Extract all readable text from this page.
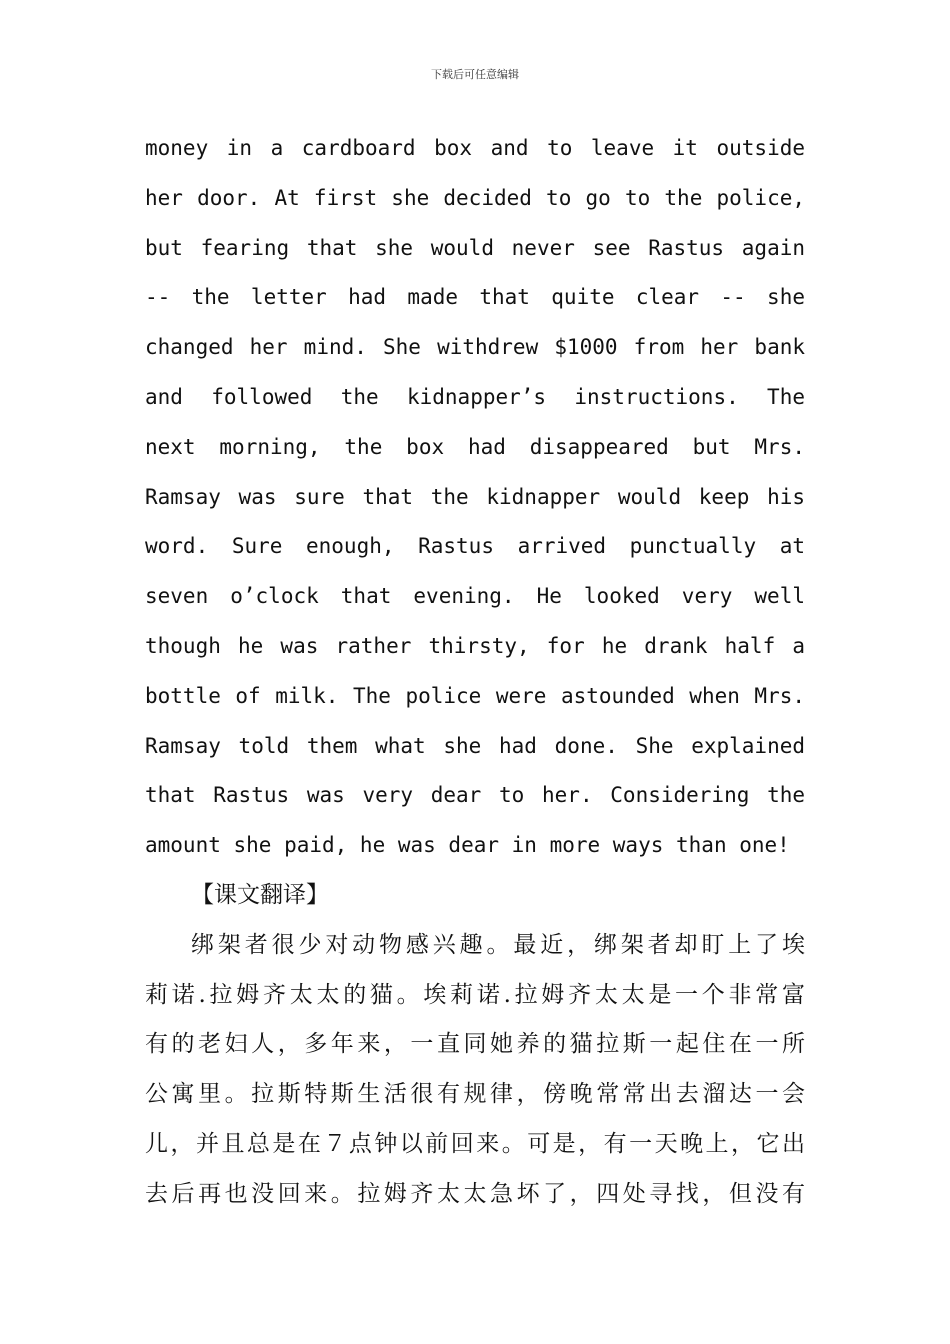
下载后可任意编辑
money in a cardboard box and to leave it outside
her door. At first she decided to go to the police,
but fearing that she would never see Rastus again
-- the letter had made that quite clear -- she
changed her mind. She withdrew $1000 from her bank
and followed the kidnapper’s instructions. The
next morning, the box had disappeared but Mrs.
Ramsay was sure that the kidnapper would keep his
word. Sure enough, Rastus arrived punctually at
seven o’clock that evening. He looked very well
though he was rather thirsty, for he drank half a
bottle of milk. The police were astounded when Mrs.
Ramsay told them what she had done. She explained
that Rastus was very dear to her. Considering the
amount she paid, he was dear in more ways than one!
【课文翻译】
绑架者很少对动物感兴趣。最近，绑架者却盯上了埃
莉诺.拉姆齐太太的猫。埃莉诺.拉姆齐太太是一个非常富
有的老妇人，多年来，一直同她养的猫拉斯一起住在一所
公寓里。拉斯特斯生活很有规律，傍晚常常出去溜达一会
儿，并且总是在７点钟以前回来。可是，有一天晚上，它出
去后再也没回来。拉姆齐太太急坏了，四处寻找，但没有
